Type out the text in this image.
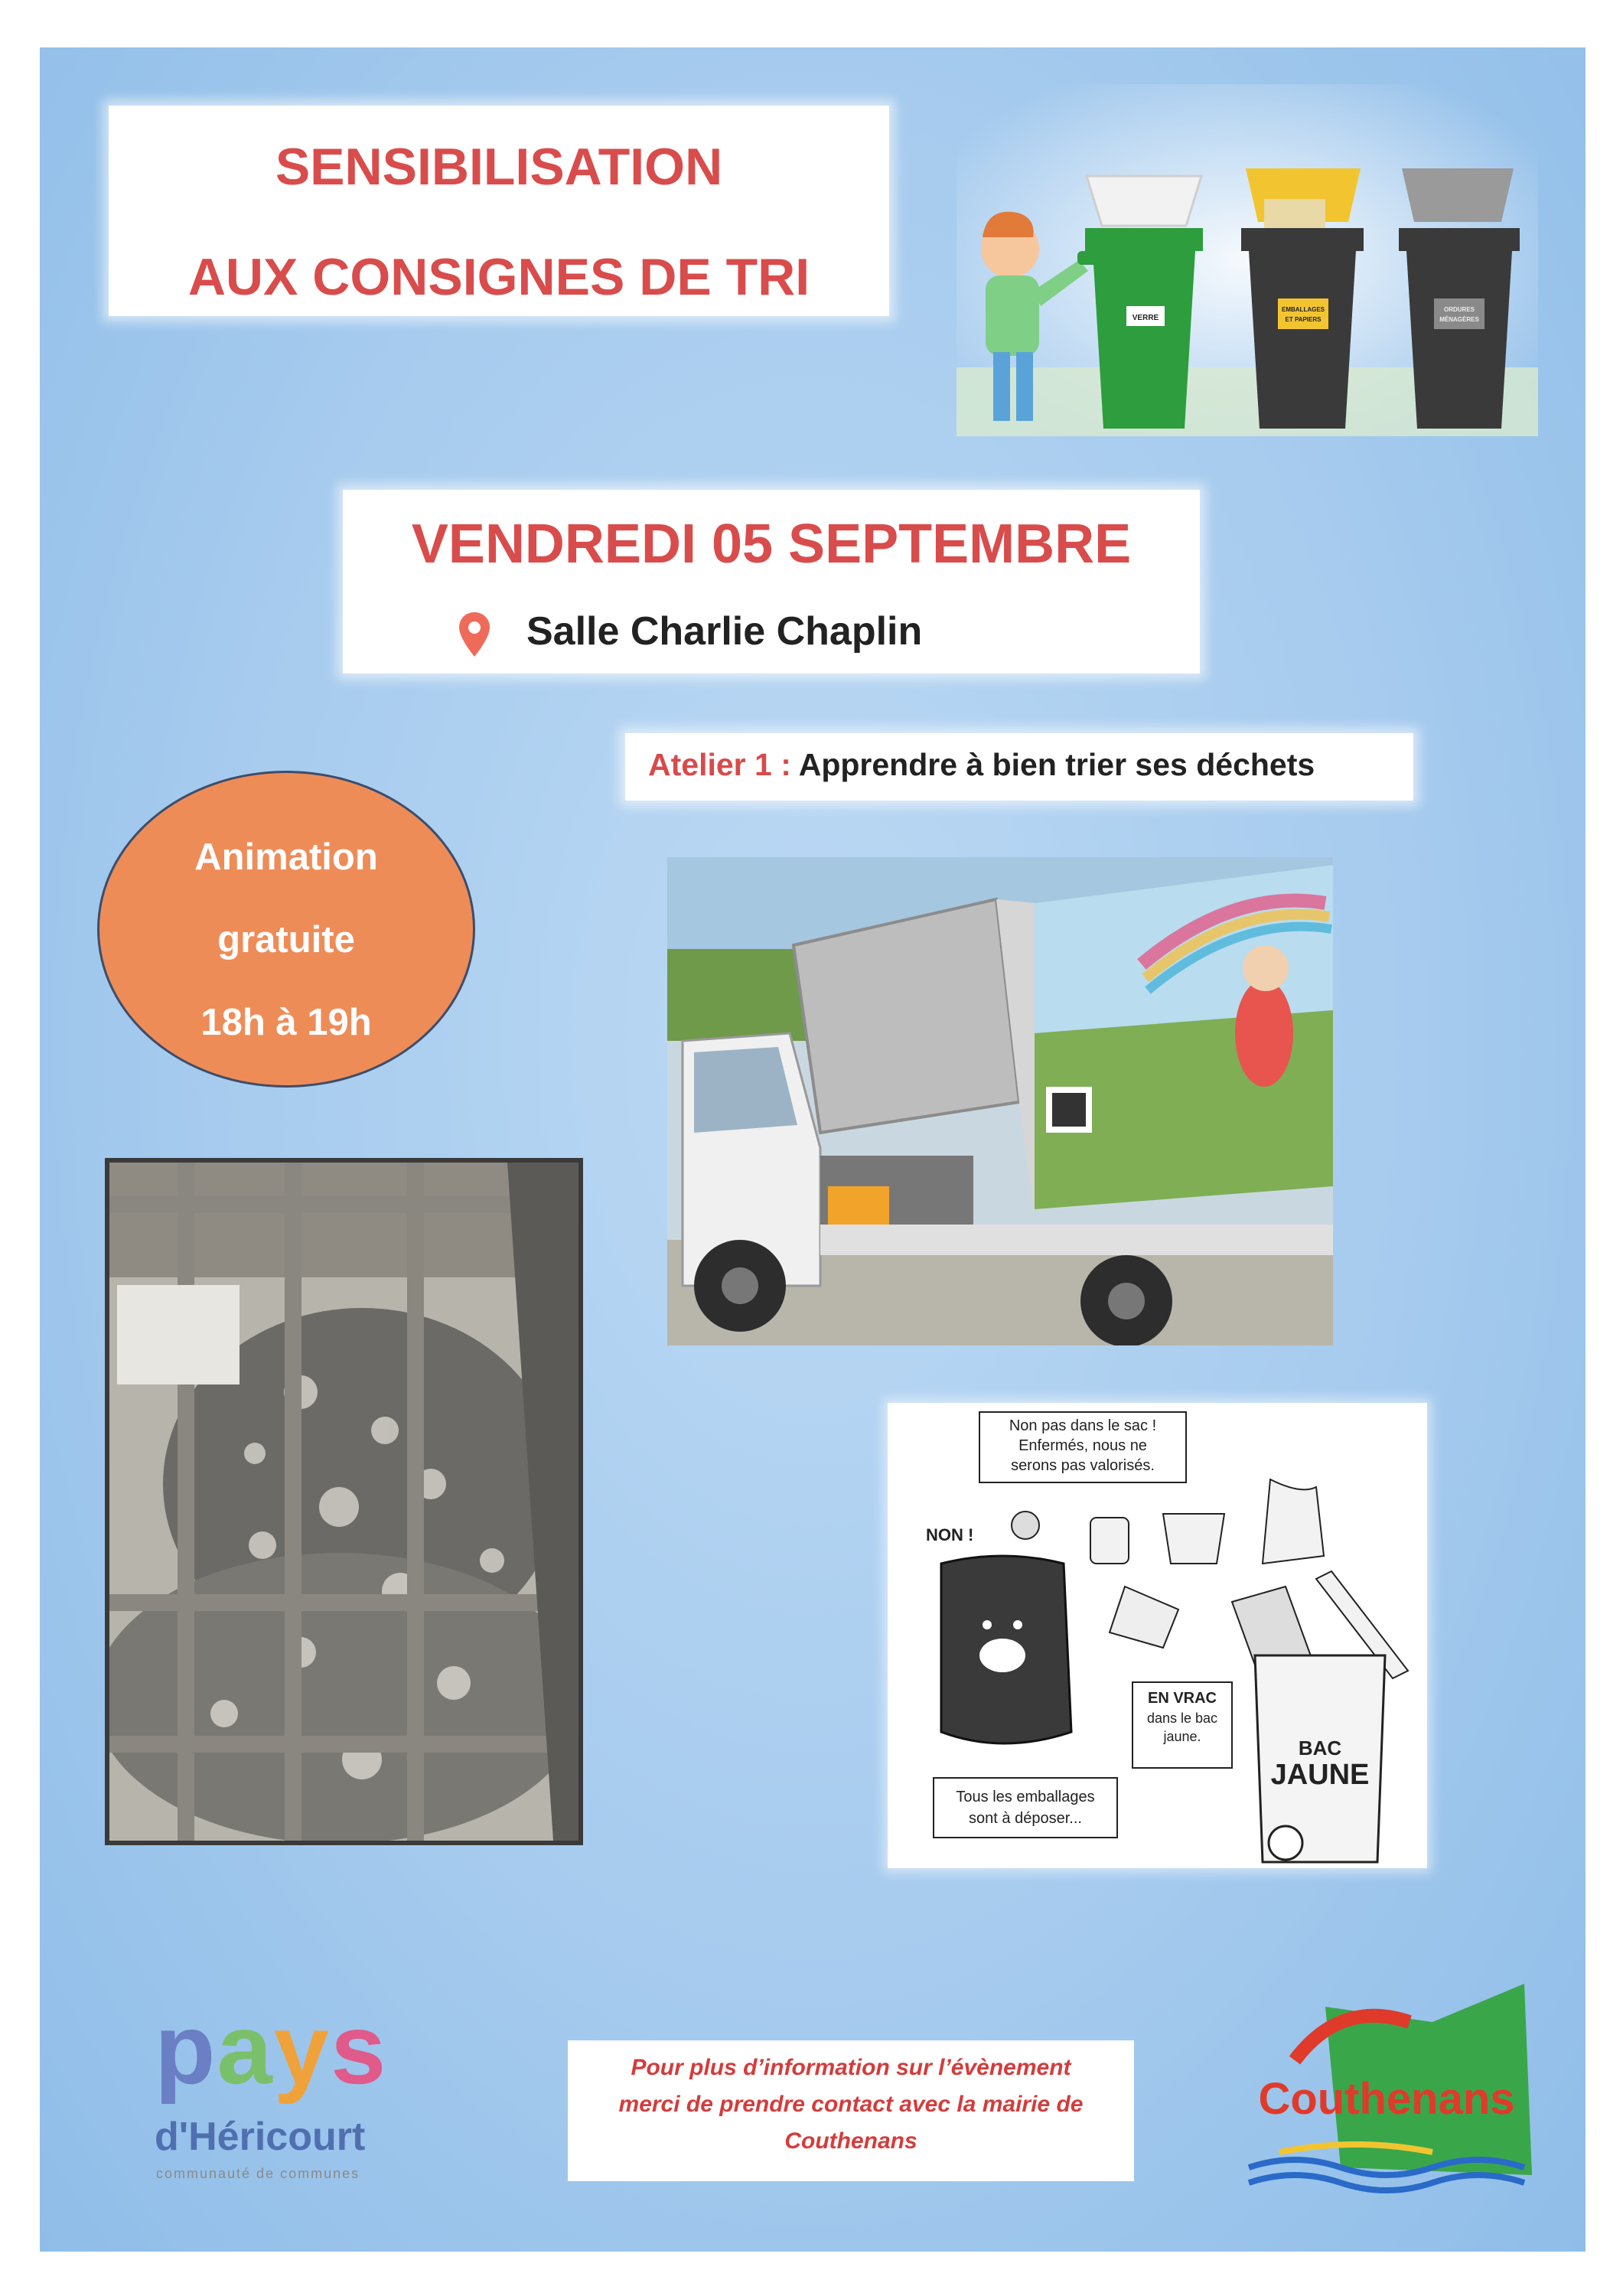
SENSIBILISATION
AUX CONSIGNES DE TRI
VERRE
EMBALLAGES
ET PAPIERS
ORDURES
MÉNAGÈRES
VENDREDI 05 SEPTEMBRE
Salle Charlie Chaplin
Atelier 1 : Apprendre à bien trier ses déchets
Animation
gratuite
18h à 19h
Non pas dans le sac !
Enfermés, nous ne
serons pas valorisés.
NON !
EN VRAC
dans le bac
jaune.	BAC
JAUNE
Tous les emballages
sont à déposer...
pays
d'Héricourt
communauté de communes
Pour plus d’information sur l’évènement
merci de prendre contact avec la mairie de
Couthenans
Couthenans
